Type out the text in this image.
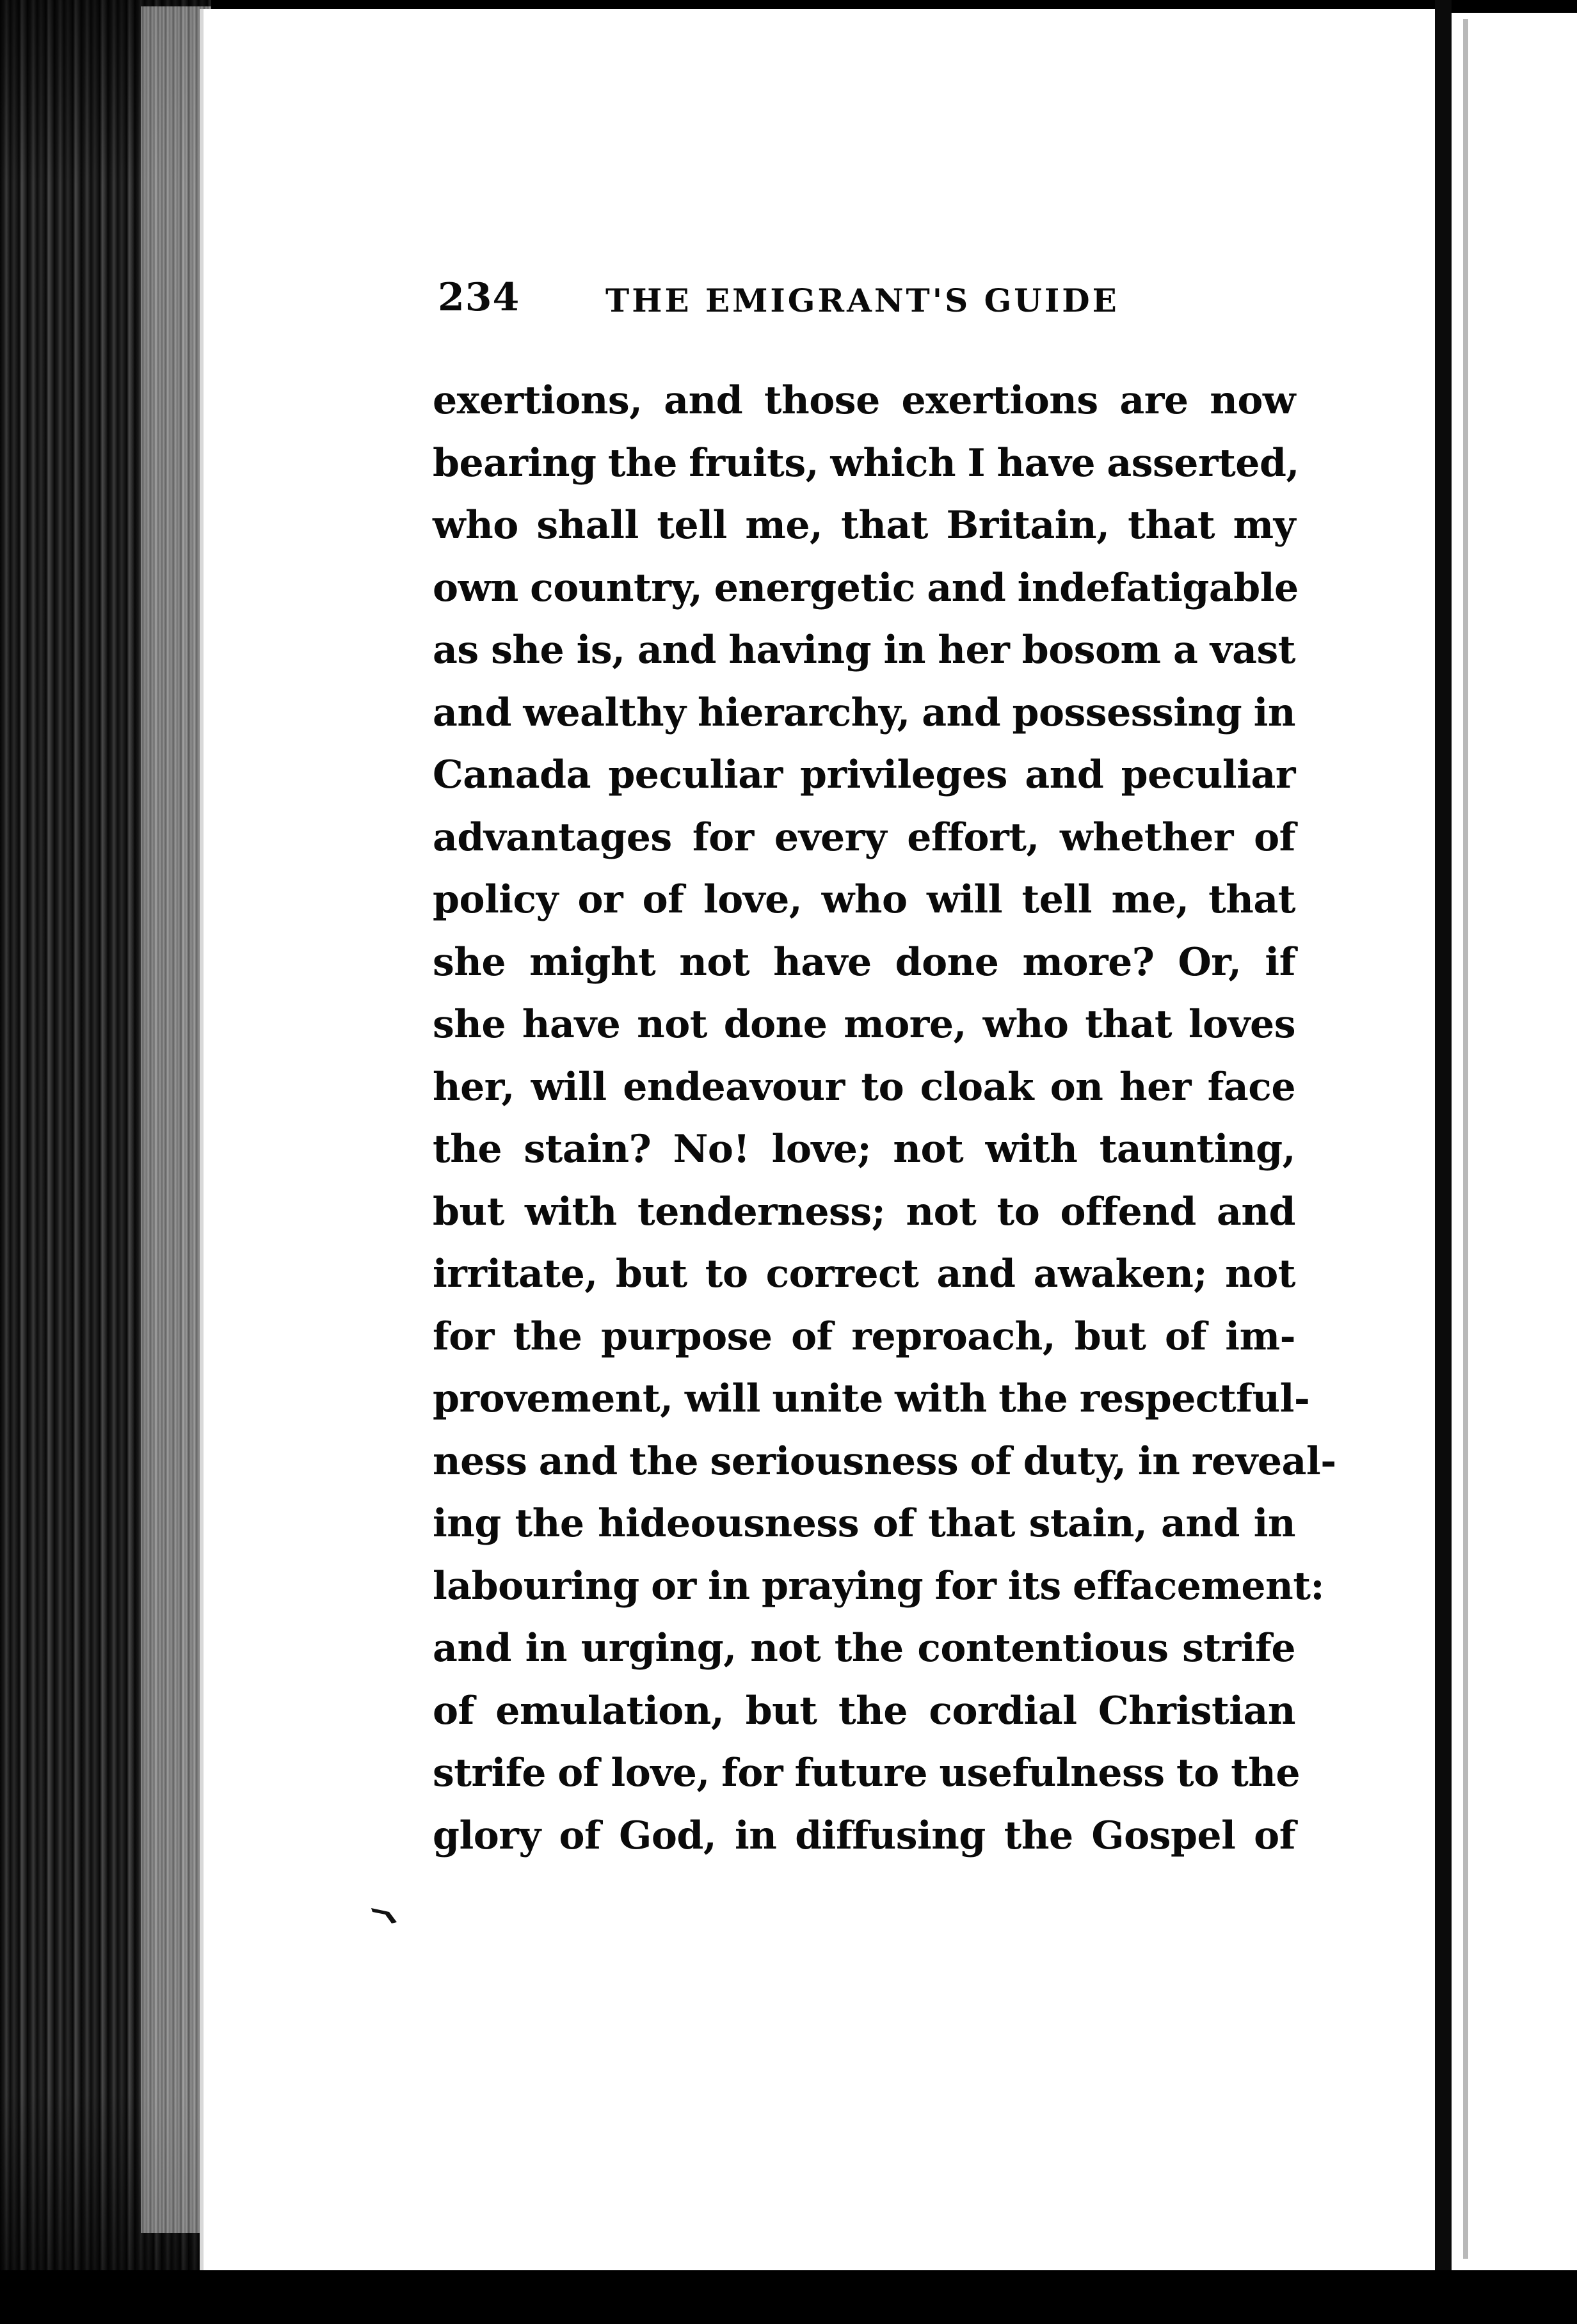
234	THE EMIGRANT'S GUIDE
exertions, and those exertions are now
bearing the fruits, which I have asserted,
who shall tell me, that Britain, that my
own country, energetic and indefatigable
as she is, and having in her bosom a vast
and wealthy hierarchy, and possessing in
Canada peculiar privileges and peculiar
advantages for every effort, whether of
policy or of love, who will tell me, that
she might not have done more? Or, if
she have not done more, who that loves
her, will endeavour to cloak on her face
the stain? No! love; not with taunting,
but with tenderness; not to offend and
irritate, but to correct and awaken; not
for the purpose of reproach, but of im-
provement, will unite with the respectful-
ness and the seriousness of duty, in reveal-
ing the hideousness of that stain, and in
labouring or in praying for its effacement:
and in urging, not the contentious strife
of emulation, but the cordial Christian
strife of love, for future usefulness to the
glory of God, in diffusing the Gospel of
